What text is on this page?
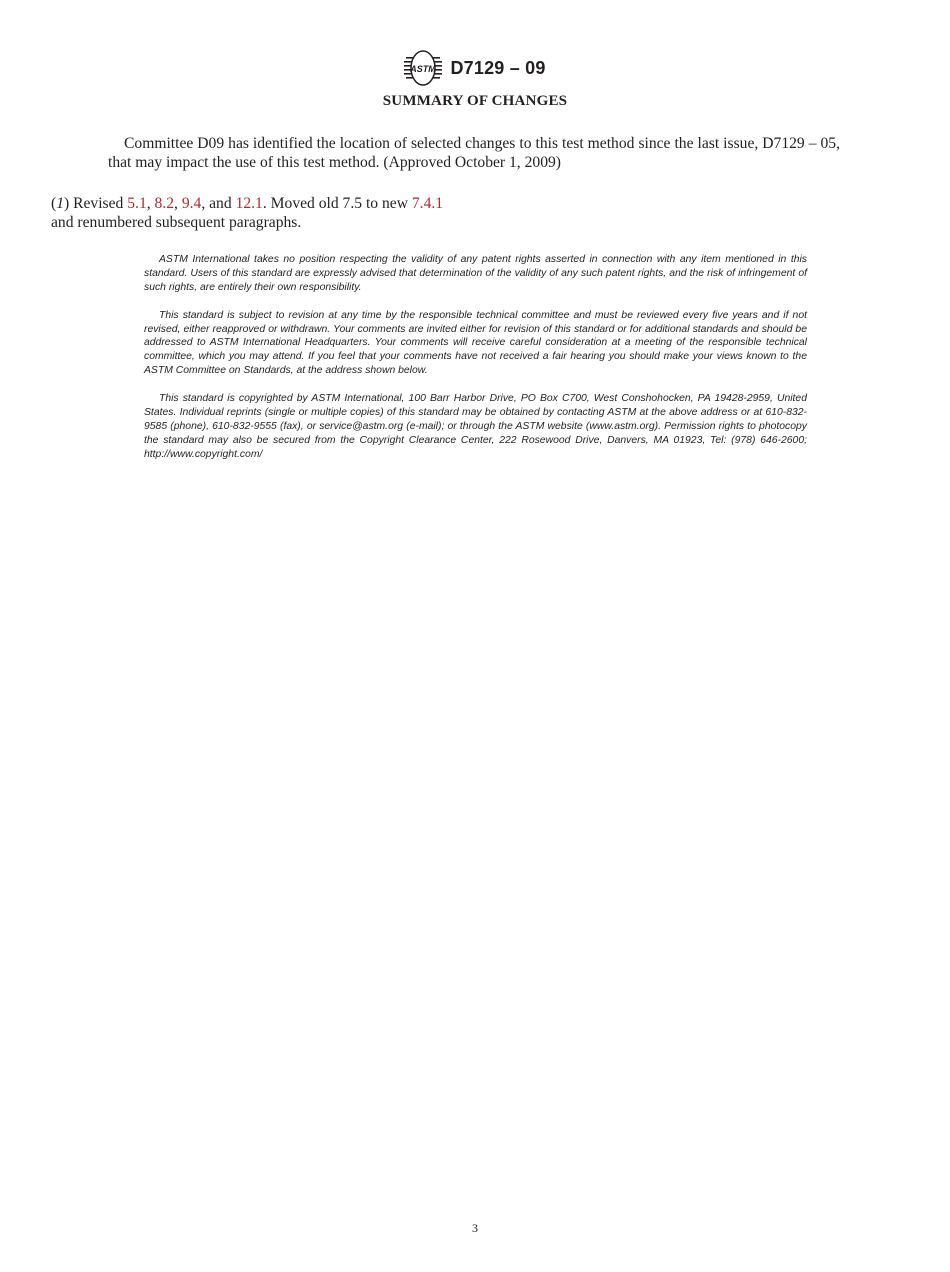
ASTM D7129 – 09
SUMMARY OF CHANGES

Committee D09 has identified the location of selected changes to this test method since the last issue, D7129 – 05, that may impact the use of this test method. (Approved October 1, 2009)

(1) Revised 5.1, 8.2, 9.4, and 12.1. Moved old 7.5 to new 7.4.1
and renumbered subsequent paragraphs.

ASTM International takes no position respecting the validity of any patent rights asserted in connection with any item mentioned in this standard. Users of this standard are expressly advised that determination of the validity of any such patent rights, and the risk of infringement of such rights, are entirely their own responsibility.

This standard is subject to revision at any time by the responsible technical committee and must be reviewed every five years and if not revised, either reapproved or withdrawn. Your comments are invited either for revision of this standard or for additional standards and should be addressed to ASTM International Headquarters. Your comments will receive careful consideration at a meeting of the responsible technical committee, which you may attend. If you feel that your comments have not received a fair hearing you should make your views known to the ASTM Committee on Standards, at the address shown below.

This standard is copyrighted by ASTM International, 100 Barr Harbor Drive, PO Box C700, West Conshohocken, PA 19428-2959, United States. Individual reprints (single or multiple copies) of this standard may be obtained by contacting ASTM at the above address or at 610-832-9585 (phone), 610-832-9555 (fax), or service@astm.org (e-mail); or through the ASTM website (www.astm.org). Permission rights to photocopy the standard may also be secured from the Copyright Clearance Center, 222 Rosewood Drive, Danvers, MA 01923, Tel: (978) 646-2600; http://www.copyright.com/

3
